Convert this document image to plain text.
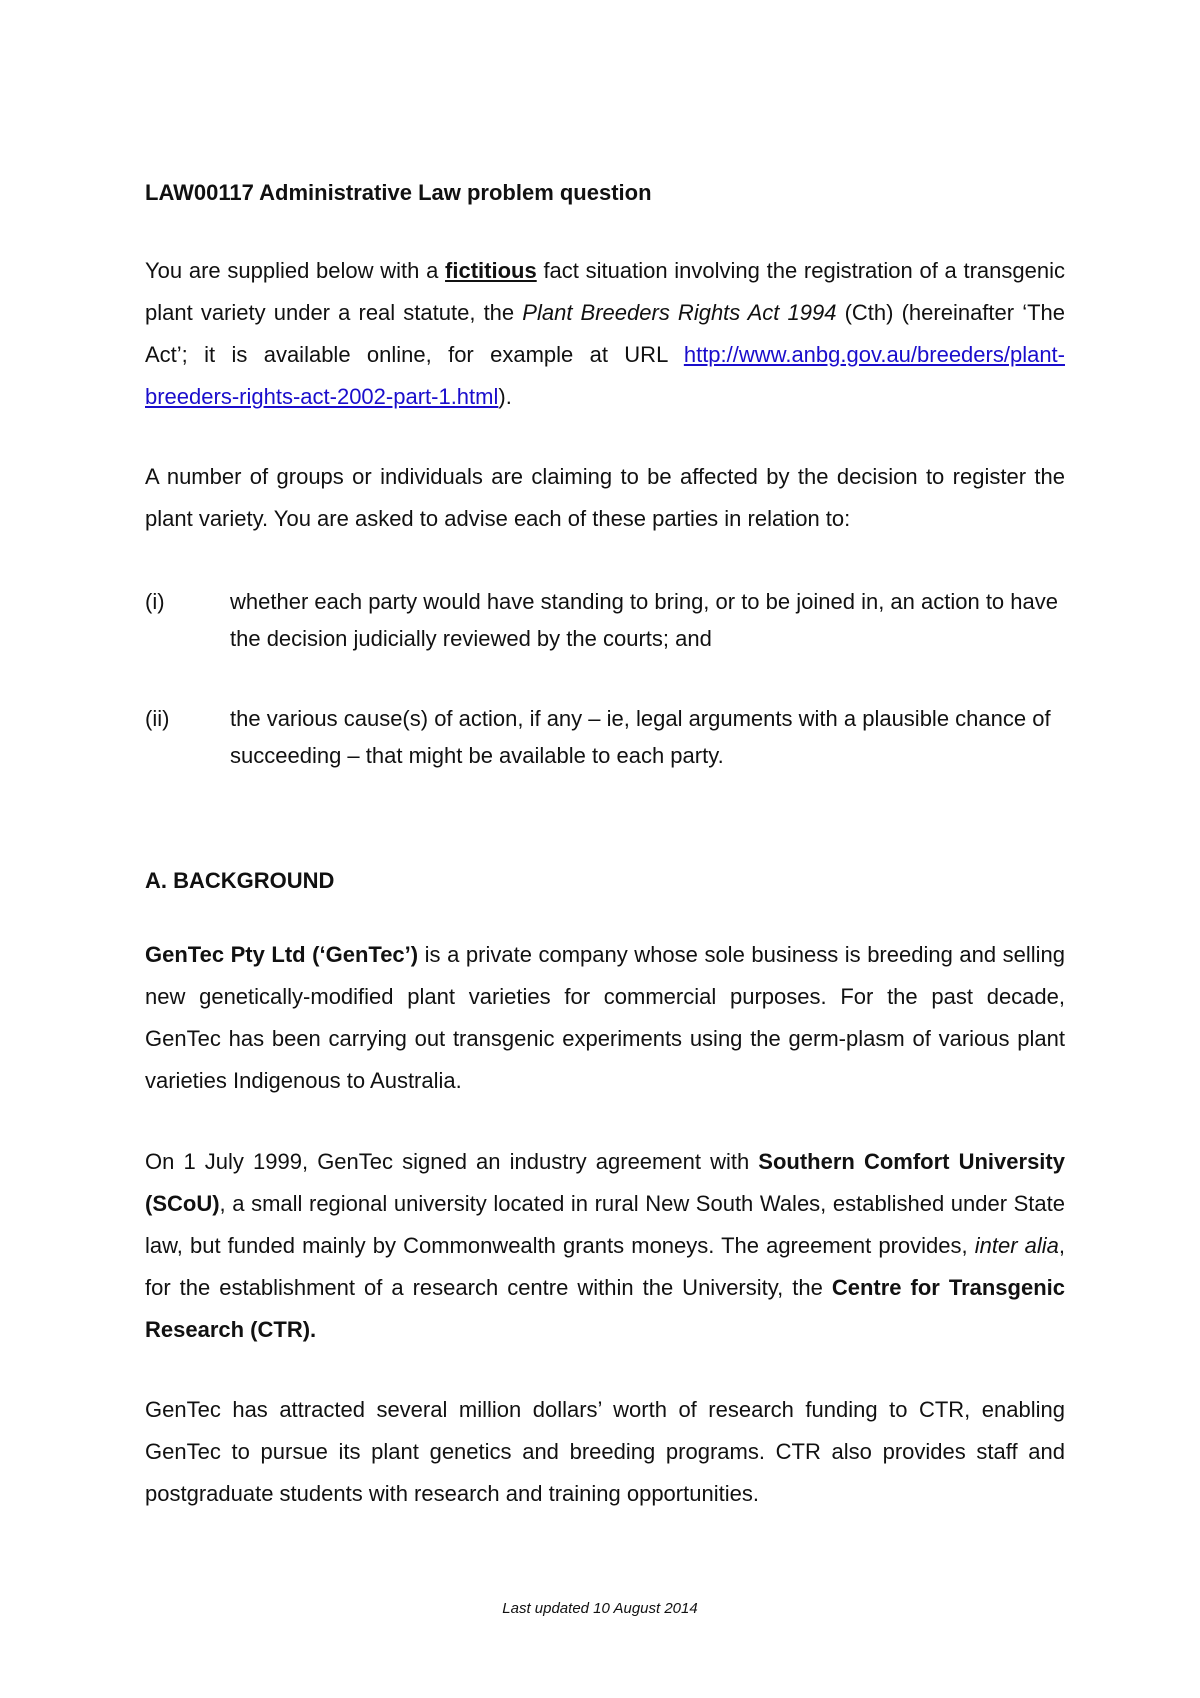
LAW00117 Administrative Law problem question
You are supplied below with a fictitious fact situation involving the registration of a transgenic plant variety under a real statute, the Plant Breeders Rights Act 1994 (Cth) (hereinafter ‘The Act’; it is available online, for example at URL http://www.anbg.gov.au/breeders/plant-breeders-rights-act-2002-part-1.html).
A number of groups or individuals are claiming to be affected by the decision to register the plant variety. You are asked to advise each of these parties in relation to:
(i)	whether each party would have standing to bring, or to be joined in, an action to have the decision judicially reviewed by the courts; and
(ii)	the various cause(s) of action, if any – ie, legal arguments with a plausible chance of succeeding – that might be available to each party.
A. BACKGROUND
GenTec Pty Ltd (‘GenTec’) is a private company whose sole business is breeding and selling new genetically-modified plant varieties for commercial purposes. For the past decade, GenTec has been carrying out transgenic experiments using the germ-plasm of various plant varieties Indigenous to Australia.
On 1 July 1999, GenTec signed an industry agreement with Southern Comfort University (SCoU), a small regional university located in rural New South Wales, established under State law, but funded mainly by Commonwealth grants moneys. The agreement provides, inter alia, for the establishment of a research centre within the University, the Centre for Transgenic Research (CTR).
GenTec has attracted several million dollars’ worth of research funding to CTR, enabling GenTec to pursue its plant genetics and breeding programs. CTR also provides staff and postgraduate students with research and training opportunities.
Last updated 10 August 2014
